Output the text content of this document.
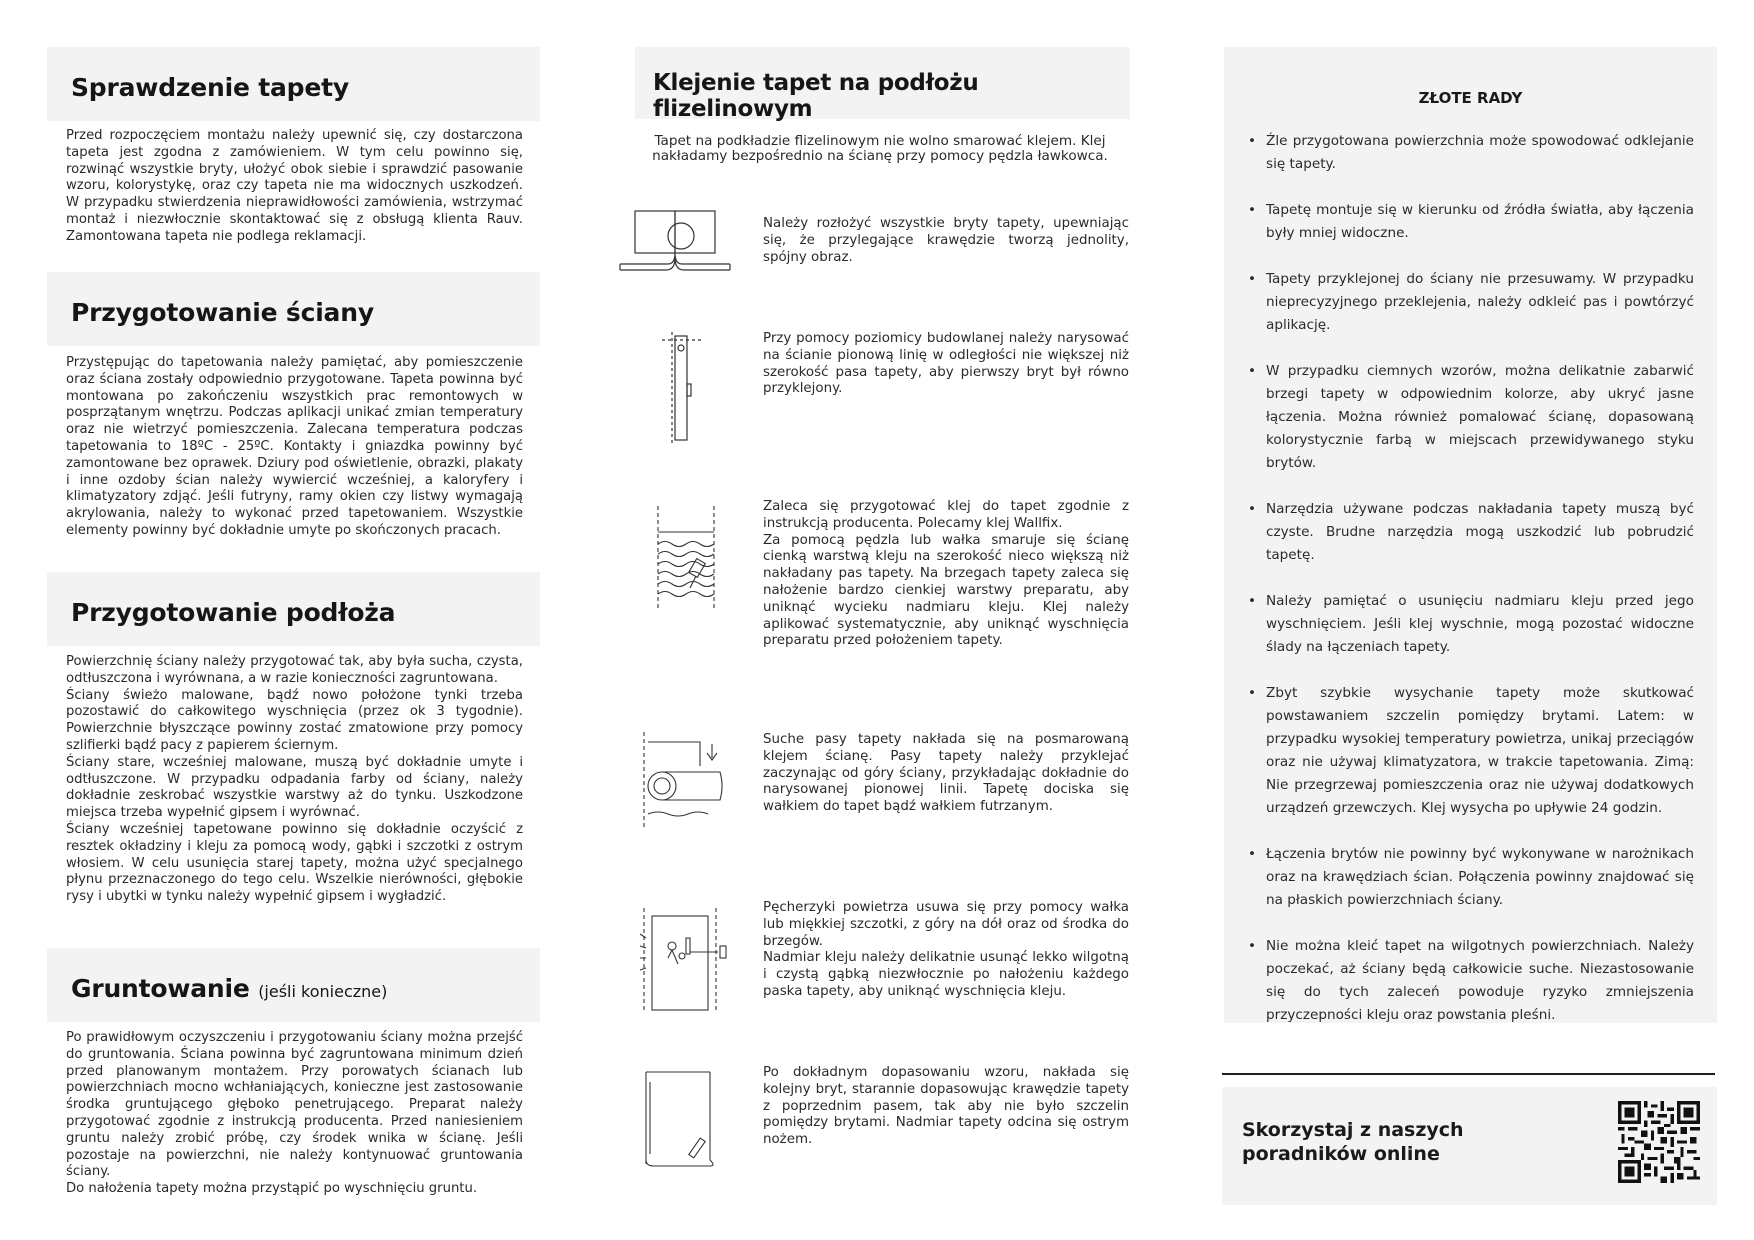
Sprawdzenie tapety
Przed rozpoczęciem montażu należy upewnić się, czy dostarczona tapeta jest zgodna z zamówieniem. W tym celu powinno się, rozwinąć wszystkie bryty, ułożyć obok siebie i sprawdzić pasowanie wzoru, kolorystykę, oraz czy tapeta nie ma widocznych uszkodzeń. W przypadku stwierdzenia nieprawidłowości zamówienia, wstrzymać montaż i niezwłocznie skontaktować się z obsługą klienta Rauv. Zamontowana tapeta nie podlega reklamacji.
Przygotowanie ściany
Przystępując do tapetowania należy pamiętać, aby pomieszczenie oraz ściana zostały odpowiednio przygotowane. Tapeta powinna być montowana po zakończeniu wszystkich prac remontowych w posprzątanym wnętrzu. Podczas aplikacji unikać zmian temperatury oraz nie wietrzyć pomieszczenia. Zalecana temperatura podczas tapetowania to 18ºC - 25ºC. Kontakty i gniazdka powinny być zamontowane bez oprawek. Dziury pod oświetlenie, obrazki, plakaty i inne ozdoby ścian należy wywiercić wcześniej, a kaloryfery i klimatyzatory zdjąć. Jeśli futryny, ramy okien czy listwy wymagają akrylowania, należy to wykonać przed tapetowaniem. Wszystkie elementy powinny być dokładnie umyte po skończonych pracach.
Przygotowanie podłoża
Powierzchnię ściany należy przygotować tak, aby była sucha, czysta, odtłuszczona i wyrównana, a w razie konieczności zagruntowana.
Ściany świeżo malowane, bądź nowo położone tynki trzeba pozostawić do całkowitego wyschnięcia (przez ok 3 tygodnie). Powierzchnie błyszczące powinny zostać zmatowione przy pomocy szlifierki bądź pacy z papierem ściernym.
Ściany stare, wcześniej malowane, muszą być dokładnie umyte i odtłuszczone. W przypadku odpadania farby od ściany, należy dokładnie zeskrobać wszystkie warstwy aż do tynku. Uszkodzone miejsca trzeba wypełnić gipsem i wyrównać.
Ściany wcześniej tapetowane powinno się dokładnie oczyścić z resztek okładziny i kleju za pomocą wody, gąbki i szczotki z ostrym włosiem. W celu usunięcia starej tapety, można użyć specjalnego płynu przeznaczonego do tego celu. Wszelkie nierówności, głębokie rysy i ubytki w tynku należy wypełnić gipsem i wygładzić.
Gruntowanie (jeśli konieczne)
Po prawidłowym oczyszczeniu i przygotowaniu ściany można przejść do gruntowania. Ściana powinna być zagruntowana minimum dzień przed planowanym montażem. Przy porowatych ścianach lub powierzchniach mocno wchłaniających, konieczne jest zastosowanie środka gruntującego głęboko penetrującego. Preparat należy przygotować zgodnie z instrukcją producenta. Przed naniesieniem gruntu należy zrobić próbę, czy środek wnika w ścianę. Jeśli pozostaje na powierzchni, nie należy kontynuować gruntowania ściany.
Do nałożenia tapety można przystąpić po wyschnięciu gruntu.
Klejenie tapet na podłożu flizelinowym
Tapet na podkładzie flizelinowym nie wolno smarować klejem. Klej nakładamy bezpośrednio na ścianę przy pomocy pędzla ławkowca.
Należy rozłożyć wszystkie bryty tapety, upewniając się, że przylegające krawędzie tworzą jednolity, spójny obraz.
Przy pomocy poziomicy budowlanej należy narysować na ścianie pionową linię w odległości nie większej niż szerokość pasa tapety, aby pierwszy bryt był równo przyklejony.
Zaleca się przygotować klej do tapet zgodnie z instrukcją producenta. Polecamy klej Wallfix.
Za pomocą pędzla lub wałka smaruje się ścianę cienką warstwą kleju na szerokość nieco większą niż nakładany pas tapety. Na brzegach tapety zaleca się nałożenie bardzo cienkiej warstwy preparatu, aby uniknąć wycieku nadmiaru kleju. Klej należy aplikować systematycznie, aby uniknąć wyschnięcia preparatu przed położeniem tapety.
Suche pasy tapety nakłada się na posmarowaną klejem ścianę. Pasy tapety należy przyklejać zaczynając od góry ściany, przykładając dokładnie do narysowanej pionowej linii. Tapetę dociska się wałkiem do tapet bądź wałkiem futrzanym.
Pęcherzyki powietrza usuwa się przy pomocy wałka lub miękkiej szczotki, z góry na dół oraz od środka do brzegów.
Nadmiar kleju należy delikatnie usunąć lekko wilgotną i czystą gąbką niezwłocznie po nałożeniu każdego paska tapety, aby uniknąć wyschnięcia kleju.
Po dokładnym dopasowaniu wzoru, nakłada się kolejny bryt, starannie dopasowując krawędzie tapety z poprzednim pasem, tak aby nie było szczelin pomiędzy brytami. Nadmiar tapety odcina się ostrym nożem.
ZŁOTE RADY
• Źle przygotowana powierzchnia może spowodować odklejanie się tapety.
• Tapetę montuje się w kierunku od źródła światła, aby łączenia były mniej widoczne.
• Tapety przyklejonej do ściany nie przesuwamy. W przypadku nieprecyzyjnego przeklejenia, należy odkleić pas i powtórzyć aplikację.
• W przypadku ciemnych wzorów, można delikatnie zabarwić brzegi tapety w odpowiednim kolorze, aby ukryć jasne łączenia. Można również pomalować ścianę, dopasowaną kolorystycznie farbą w miejscach przewidywanego styku brytów.
• Narzędzia używane podczas nakładania tapety muszą być czyste. Brudne narzędzia mogą uszkodzić lub pobrudzić tapetę.
• Należy pamiętać o usunięciu nadmiaru kleju przed jego wyschnięciem. Jeśli klej wyschnie, mogą pozostać widoczne ślady na łączeniach tapety.
• Zbyt szybkie wysychanie tapety może skutkować powstawaniem szczelin pomiędzy brytami. Latem: w przypadku wysokiej temperatury powietrza, unikaj przeciągów oraz nie używaj klimatyzatora, w trakcie tapetowania. Zimą: Nie przegrzewaj pomieszczenia oraz nie używaj dodatkowych urządzeń grzewczych. Klej wysycha po upływie 24 godzin.
• Łączenia brytów nie powinny być wykonywane w narożnikach oraz na krawędziach ścian. Połączenia powinny znajdować się na płaskich powierzchniach ściany.
• Nie można kleić tapet na wilgotnych powierzchniach. Należy poczekać, aż ściany będą całkowicie suche. Niezastosowanie się do tych zaleceń powoduje ryzyko zmniejszenia przyczepności kleju oraz powstania pleśni.
Skorzystaj z naszych
poradników online
